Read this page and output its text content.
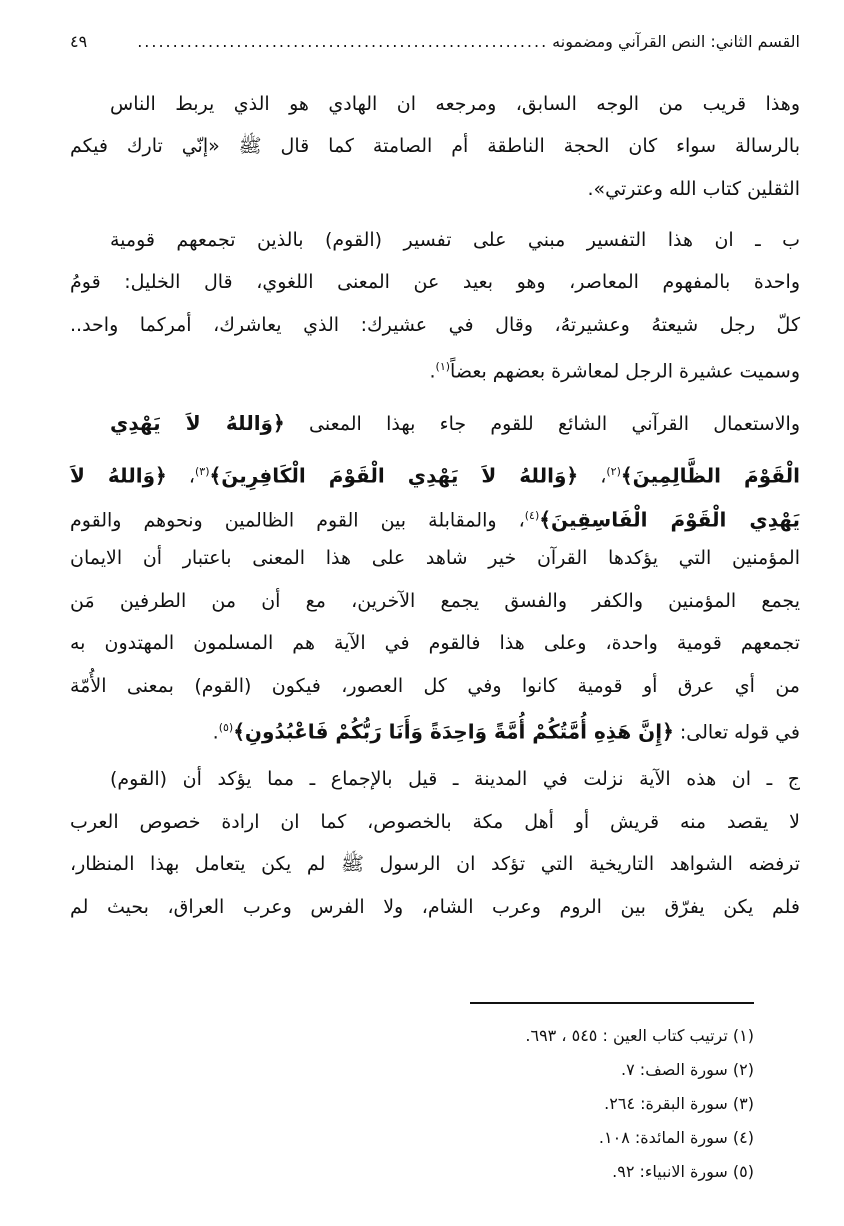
القسم الثاني: النص القرآني ومضمونه
..........................................................
٤٩
وهذا قريب من الوجه السابق، ومرجعه ان الهادي هو الذي يربط الناس
بالرسالة سواء كان الحجة الناطقة أم الصامتة كما قال ﷺ «إنّي تارك فيكم
الثقلين كتاب الله وعترتي».
ب ـ ان هذا التفسير مبني على تفسير (القوم) بالذين تجمعهم قومية
واحدة بالمفهوم المعاصر، وهو بعيد عن المعنى اللغوي، قال الخليل: قومُ
كلّ رجل شيعتهُ وعشيرتهُ، وقال في عشيرك: الذي يعاشرك، أمركما واحد..
وسميت عشيرة الرجل لمعاشرة بعضهم بعضاً$^{(١)}$.
والاستعمال القرآني الشائع للقوم جاء بهذا المعنى ﴿وَاللهُ لاَ يَهْدِي
الْقَوْمَ الظَّالِمِينَ﴾$^{(٢)}$، ﴿وَاللهُ لاَ يَهْدِي الْقَوْمَ الْكَافِرِينَ﴾$^{(٣)}$، ﴿وَاللهُ لاَ
يَهْدِي الْقَوْمَ الْفَاسِقِينَ﴾$^{(٤)}$، والمقابلة بين القوم الظالمين ونحوهم والقوم
المؤمنين التي يؤكدها القرآن خير شاهد على هذا المعنى باعتبار أن الايمان
يجمع المؤمنين والكفر والفسق يجمع الآخرين، مع أن من الطرفين مَن
تجمعهم قومية واحدة، وعلى هذا فالقوم في الآية هم المسلمون المهتدون به
من أي عرق أو قومية كانوا وفي كل العصور، فيكون (القوم) بمعنى الأُمّة
في قوله تعالى: ﴿إِنَّ هَذِهِ أُمَّتُكُمْ أُمَّةً وَاحِدَةً وَأَنَا رَبُّكُمْ فَاعْبُدُونِ﴾$^{(٥)}$.
ج ـ ان هذه الآية نزلت في المدينة ـ قيل بالإجماع ـ مما يؤكد أن (القوم)
لا يقصد منه قريش أو أهل مكة بالخصوص، كما ان ارادة خصوص العرب
ترفضه الشواهد التاريخية التي تؤكد ان الرسول ﷺ لم يكن يتعامل بهذا المنظار،
فلم يكن يفرّق بين الروم وعرب الشام، ولا الفرس وعرب العراق، بحيث لم
(١) ترتيب كتاب العين : ٥٤٥ ، ٦٩٣.
(٢) سورة الصف: ٧.
(٣) سورة البقرة: ٢٦٤.
(٤) سورة المائدة: ١٠٨.
(٥) سورة الانبياء: ٩٢.
